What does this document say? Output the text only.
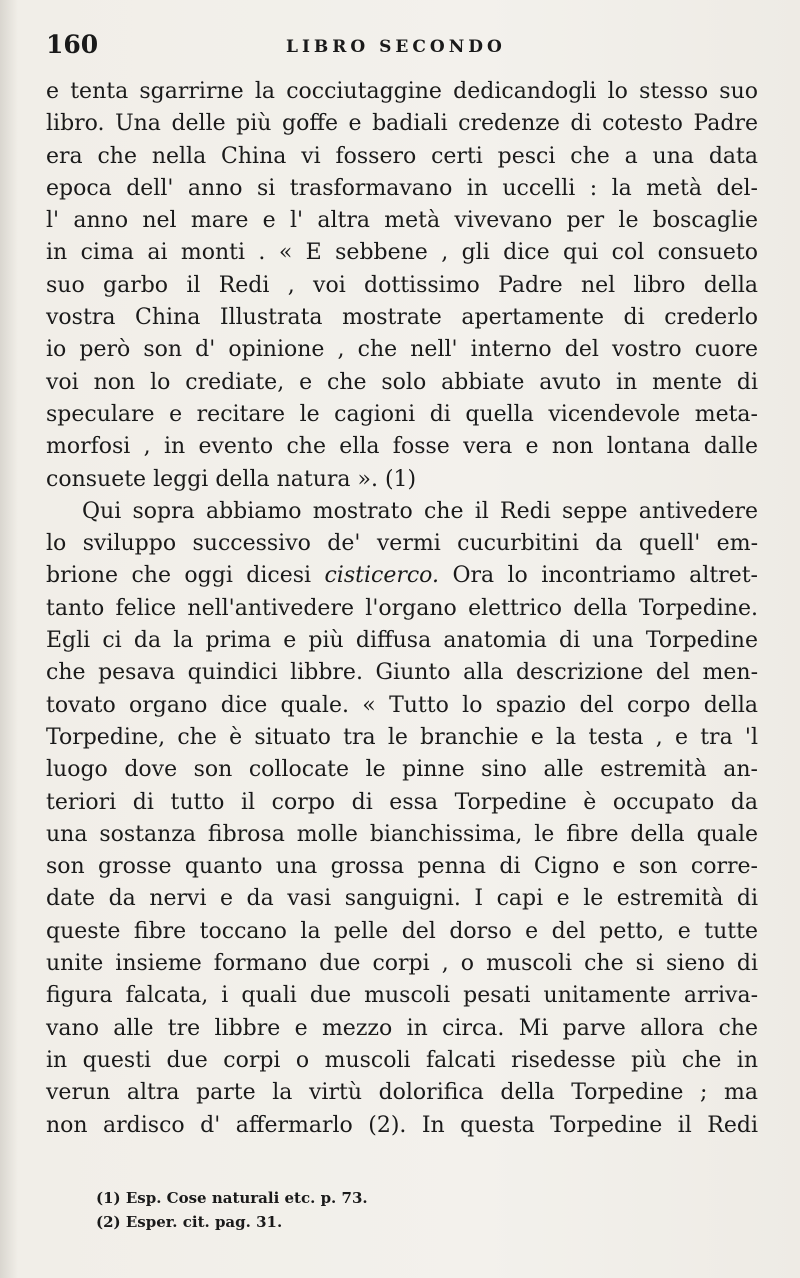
160	LIBRO SECONDO

e tenta sgarrirne la cocciutaggine dedicandogli lo stesso suo
libro. Una delle più goffe e badiali credenze di cotesto Padre
era che nella China vi fossero certi pesci che a una data
epoca dell' anno si trasformavano in uccelli : la metà del-
l' anno nel mare e l' altra metà vivevano per le boscaglie
in cima ai monti . « E sebbene , gli dice qui col consueto
suo garbo il Redi , voi dottissimo Padre nel libro della
vostra China Illustrata mostrate apertamente di crederlo
io però son d' opinione , che nell' interno del vostro cuore
voi non lo crediate, e che solo abbiate avuto in mente di
speculare e recitare le cagioni di quella vicendevole meta-
morfosi , in evento che ella fosse vera e non lontana dalle
consuete leggi della natura ». (1)

Qui sopra abbiamo mostrato che il Redi seppe antivedere
lo sviluppo successivo de' vermi cucurbitini da quell' em-
brione che oggi dicesi cisticerco. Ora lo incontriamo altret-
tanto felice nell'antivedere l'organo elettrico della Torpedine.
Egli ci da la prima e più diffusa anatomia di una Torpedine
che pesava quindici libbre. Giunto alla descrizione del men-
tovato organo dice quale. « Tutto lo spazio del corpo della
Torpedine, che è situato tra le branchie e la testa , e tra 'l
luogo dove son collocate le pinne sino alle estremità an-
teriori di tutto il corpo di essa Torpedine è occupato da
una sostanza fibrosa molle bianchissima, le fibre della quale
son grosse quanto una grossa penna di Cigno e son corre-
date da nervi e da vasi sanguigni. I capi e le estremità di
queste fibre toccano la pelle del dorso e del petto, e tutte
unite insieme formano due corpi , o muscoli che si sieno di
figura falcata, i quali due muscoli pesati unitamente arriva-
vano alle tre libbre e mezzo in circa. Mi parve allora che
in questi due corpi o muscoli falcati risedesse più che in
verun altra parte la virtù dolorifica della Torpedine ; ma
non ardisco d' affermarlo (2). In questa Torpedine il Redi

(1) Esp. Cose naturali etc. p. 73.
(2) Esper. cit. pag. 31.
